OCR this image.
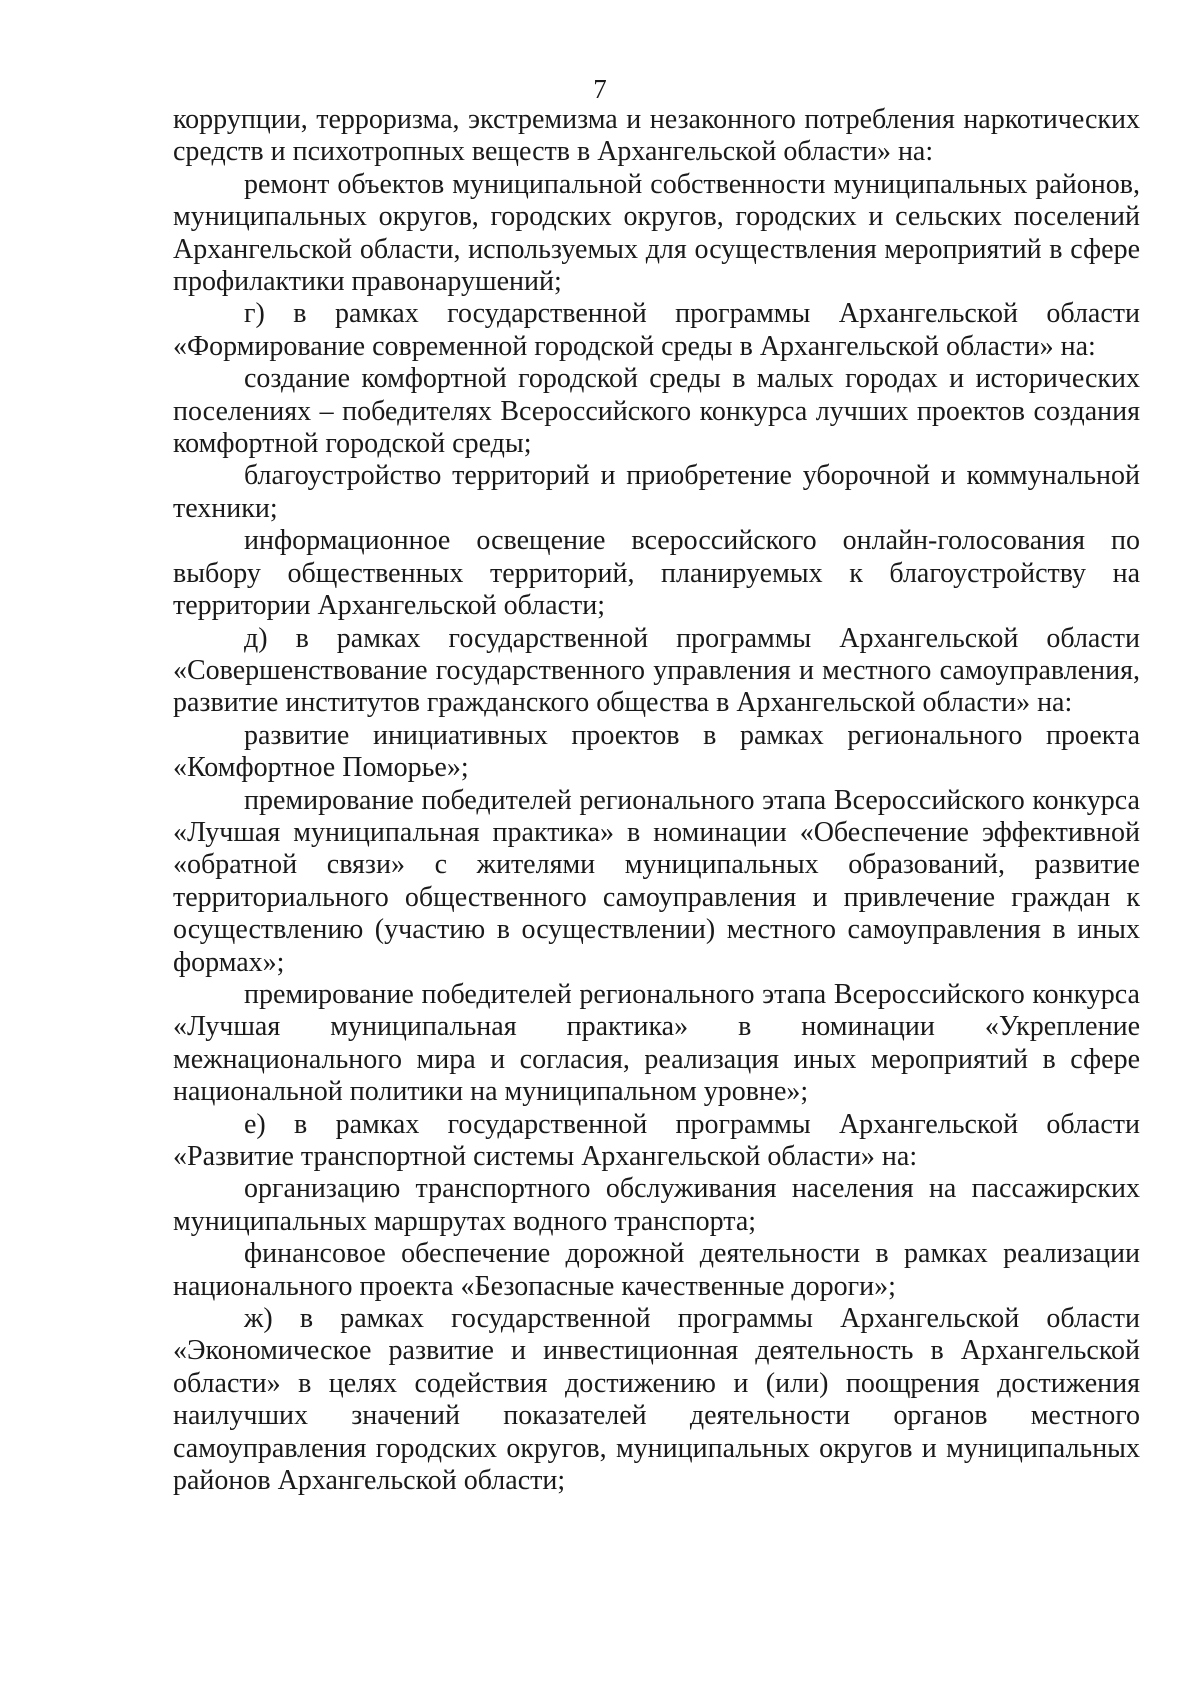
7

коррупции, терроризма, экстремизма и незаконного потребления наркотических средств и психотропных веществ в Архангельской области» на:

ремонт объектов муниципальной собственности муниципальных районов, муниципальных округов, городских округов, городских и сельских поселений Архангельской области, используемых для осуществления мероприятий в сфере профилактики правонарушений;

г) в рамках государственной программы Архангельской области «Формирование современной городской среды в Архангельской области» на:

создание комфортной городской среды в малых городах и исторических поселениях – победителях Всероссийского конкурса лучших проектов создания комфортной городской среды;

благоустройство территорий и приобретение уборочной и коммунальной техники;

информационное освещение всероссийского онлайн-голосования по выбору общественных территорий, планируемых к благоустройству на территории Архангельской области;

д) в рамках государственной программы Архангельской области «Совершенствование государственного управления и местного самоуправления, развитие институтов гражданского общества в Архангельской области» на:

развитие инициативных проектов в рамках регионального проекта «Комфортное Поморье»;

премирование победителей регионального этапа Всероссийского конкурса «Лучшая муниципальная практика» в номинации «Обеспечение эффективной «обратной связи» с жителями муниципальных образований, развитие территориального общественного самоуправления и привлечение граждан к осуществлению (участию в осуществлении) местного самоуправления в иных формах»;

премирование победителей регионального этапа Всероссийского конкурса «Лучшая муниципальная практика» в номинации «Укрепление межнационального мира и согласия, реализация иных мероприятий в сфере национальной политики на муниципальном уровне»;

е) в рамках государственной программы Архангельской области «Развитие транспортной системы Архангельской области» на:

организацию транспортного обслуживания населения на пассажирских муниципальных маршрутах водного транспорта;

финансовое обеспечение дорожной деятельности в рамках реализации национального проекта «Безопасные качественные дороги»;

ж) в рамках государственной программы Архангельской области «Экономическое развитие и инвестиционная деятельность в Архангельской области» в целях содействия достижению и (или) поощрения достижения наилучших значений показателей деятельности органов местного самоуправления городских округов, муниципальных округов и муниципальных районов Архангельской области;
